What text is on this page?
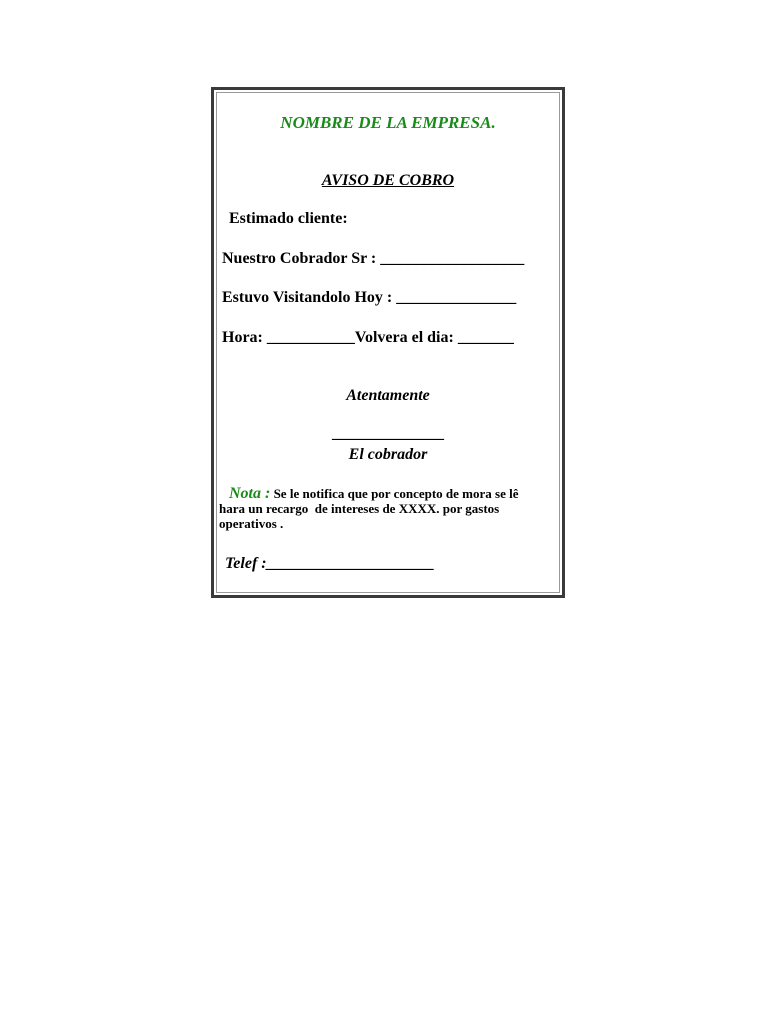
NOMBRE DE LA EMPRESA.
AVISO DE COBRO
Estimado cliente:
Nuestro Cobrador Sr : __________________
Estuvo Visitandolo Hoy : _______________
Hora: ___________Volvera el dia: _______
Atentamente
______________
El cobrador
Nota : Se le notifica que por concepto de mora se lê
hara un recargo  de intereses de XXXX. por gastos
operativos .
Telef :_____________________
